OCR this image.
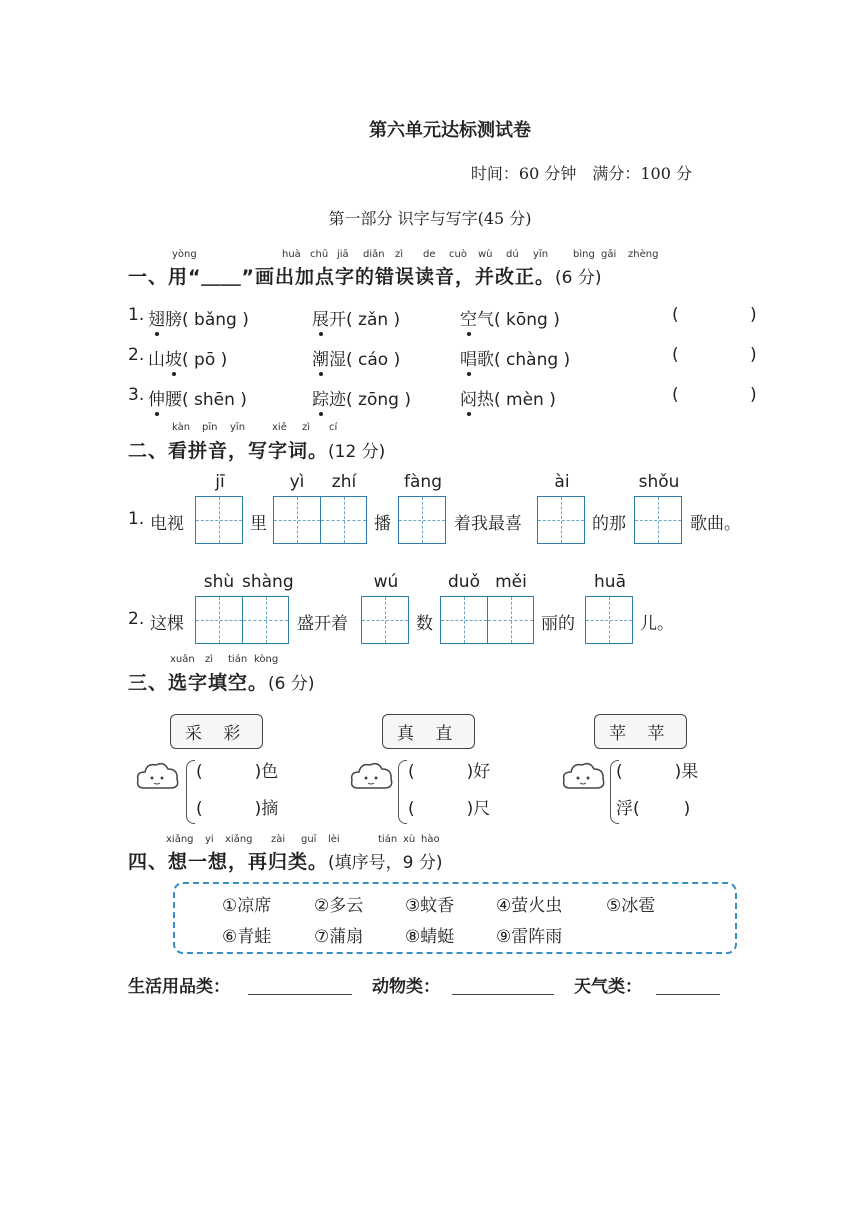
第六单元达标测试卷
时间：60 分钟　满分：100 分
第一部分 识字与写字(45 分)
yòng	huà chū jiā diǎn zì de cuò wù dú yīn bìng gǎi zhèng
一、用“＿＿”画出加点字的错误读音，并改正。(6 分)
1. 翅膀( bǎng )	展开( zǎn )	空气( kōng )	(	)
2. 山坡( pō )	潮湿( cáo )	唱歌( chàng )	(	)
3. 伸腰( shēn )	踪迹( zōng )	闷热( mèn )	(	)
kàn pīn yīn	xiě zì cí
二、看拼音，写字词。(12 分)
jī	yì	zhí	fàng	ài	shǒu
1. 电视	里	播	着我最喜	的那	歌曲。
shù shàng	wú	duǒ měi	huā
2. 这棵	盛开着	数	丽的	儿。
xuǎn zì tián kòng
三、选字填空。(6 分)
采 彩
(	)色
(	)摘
真 直
(	)好
(	)尺
苹 苹
(	)果
浮(	)
xiǎng yi xiǎng zài guī lèi	tián xù hào
四、想一想，再归类。(填序号，9 分)
①凉席	②多云 ③蚊香 ④萤火虫	⑤冰雹
⑥青蛙	⑦蒲扇 ⑧蜻蜓 ⑨雷阵雨
生活用品类：	动物类：	天气类：
